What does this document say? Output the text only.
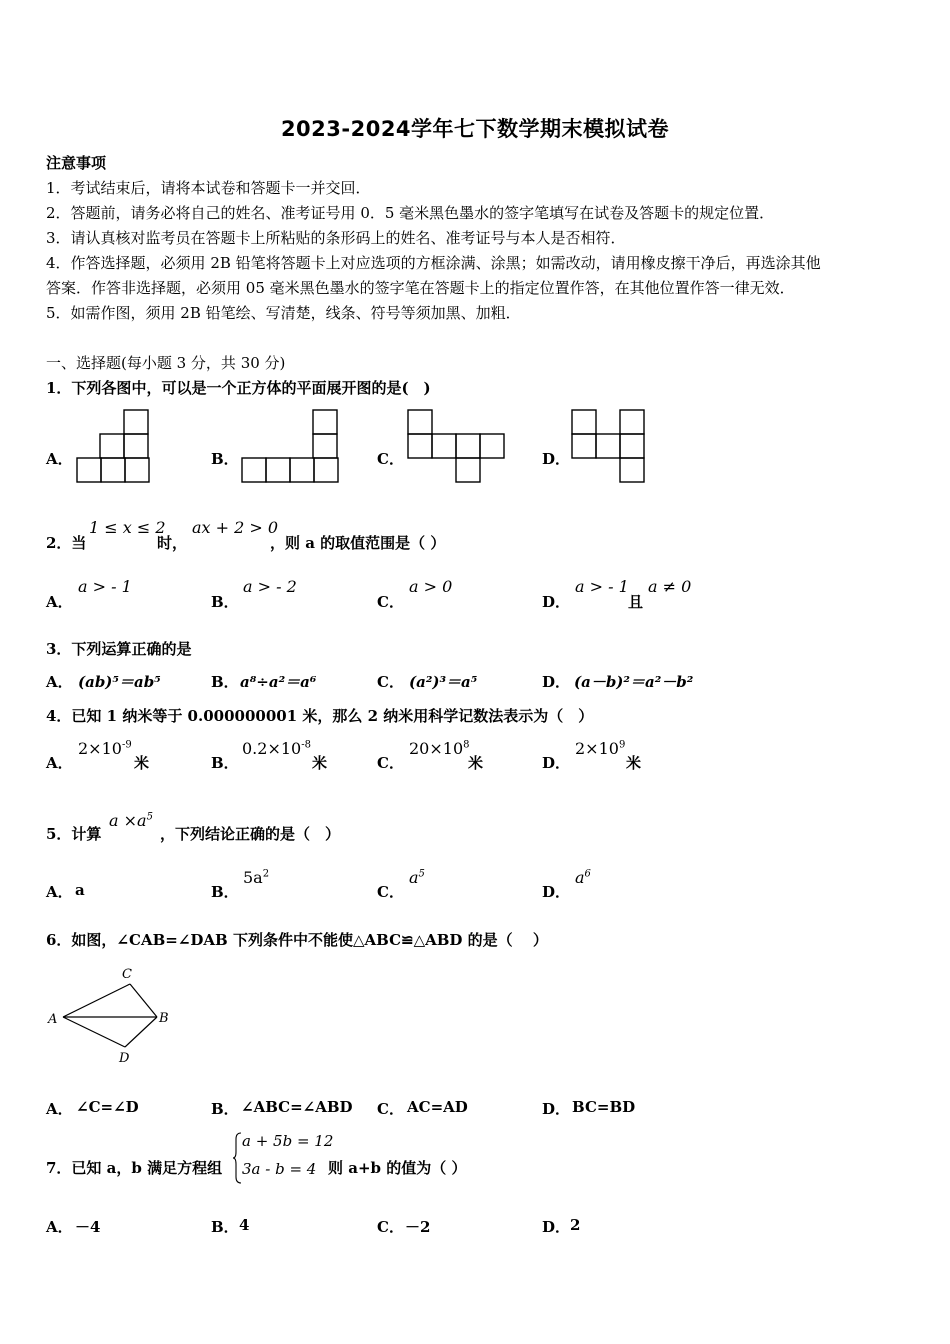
2023-2024学年七下数学期末模拟试卷
注意事项
1．考试结束后，请将本试卷和答题卡一并交回．
2．答题前，请务必将自己的姓名、准考证号用 0．5 毫米黑色墨水的签字笔填写在试卷及答题卡的规定位置．
3．请认真核对监考员在答题卡上所粘贴的条形码上的姓名、准考证号与本人是否相符．
4．作答选择题，必须用 2B 铅笔将答题卡上对应选项的方框涂满、涂黑；如需改动，请用橡皮擦干净后，再选涂其他
答案．作答非选择题，必须用 05 毫米黑色墨水的签字笔在答题卡上的指定位置作答，在其他位置作答一律无效．
5．如需作图，须用 2B 铅笔绘、写清楚，线条、符号等须加黑、加粗．
一、选择题(每小题 3 分，共 30 分)
1．下列各图中，可以是一个正方体的平面展开图的是(　)
A．	B．	C．	D．
2．当
1 ≤ x ≤ 2
时，
ax + 2 > 0
，则 a 的取值范围是（ ）
A．
a > - 1
B．
a > - 2
C．
a > 0
D．
a > - 1
且
a ≠ 0
3．下列运算正确的是
A． (ab)⁵＝ab⁵	B． a⁸÷a²＝a⁶	C． (a²)³＝a⁵	D． (a－b)²＝a²－b²
4．已知 1 纳米等于 0.000000001 米，那么 2 纳米用科学记数法表示为（　）
A．
$2\times 10^{-9}$
米	B．
$0.2\times 10^{-8}$
米	C．
$20\times 10^8$
米	D．
$2\times 10^9$
米
5．计算
$a \times a^5$
，下列结论正确的是（　）
A． a	B．
$5a^2$
C．
$a^5$
D．
$a^6$
6．如图，∠CAB=∠DAB 下列条件中不能使△ABC≌△ABD 的是（　 ）
C
A	B
D
A． ∠C=∠D	B． ∠ABC=∠ABD C． AC=AD	D． BC=BD
7．已知 a，b 满足方程组
a + 5b = 12
3a - b = 4 则 a+b 的值为（ ）
A． －4	B． 4	C． －2	D． 2
